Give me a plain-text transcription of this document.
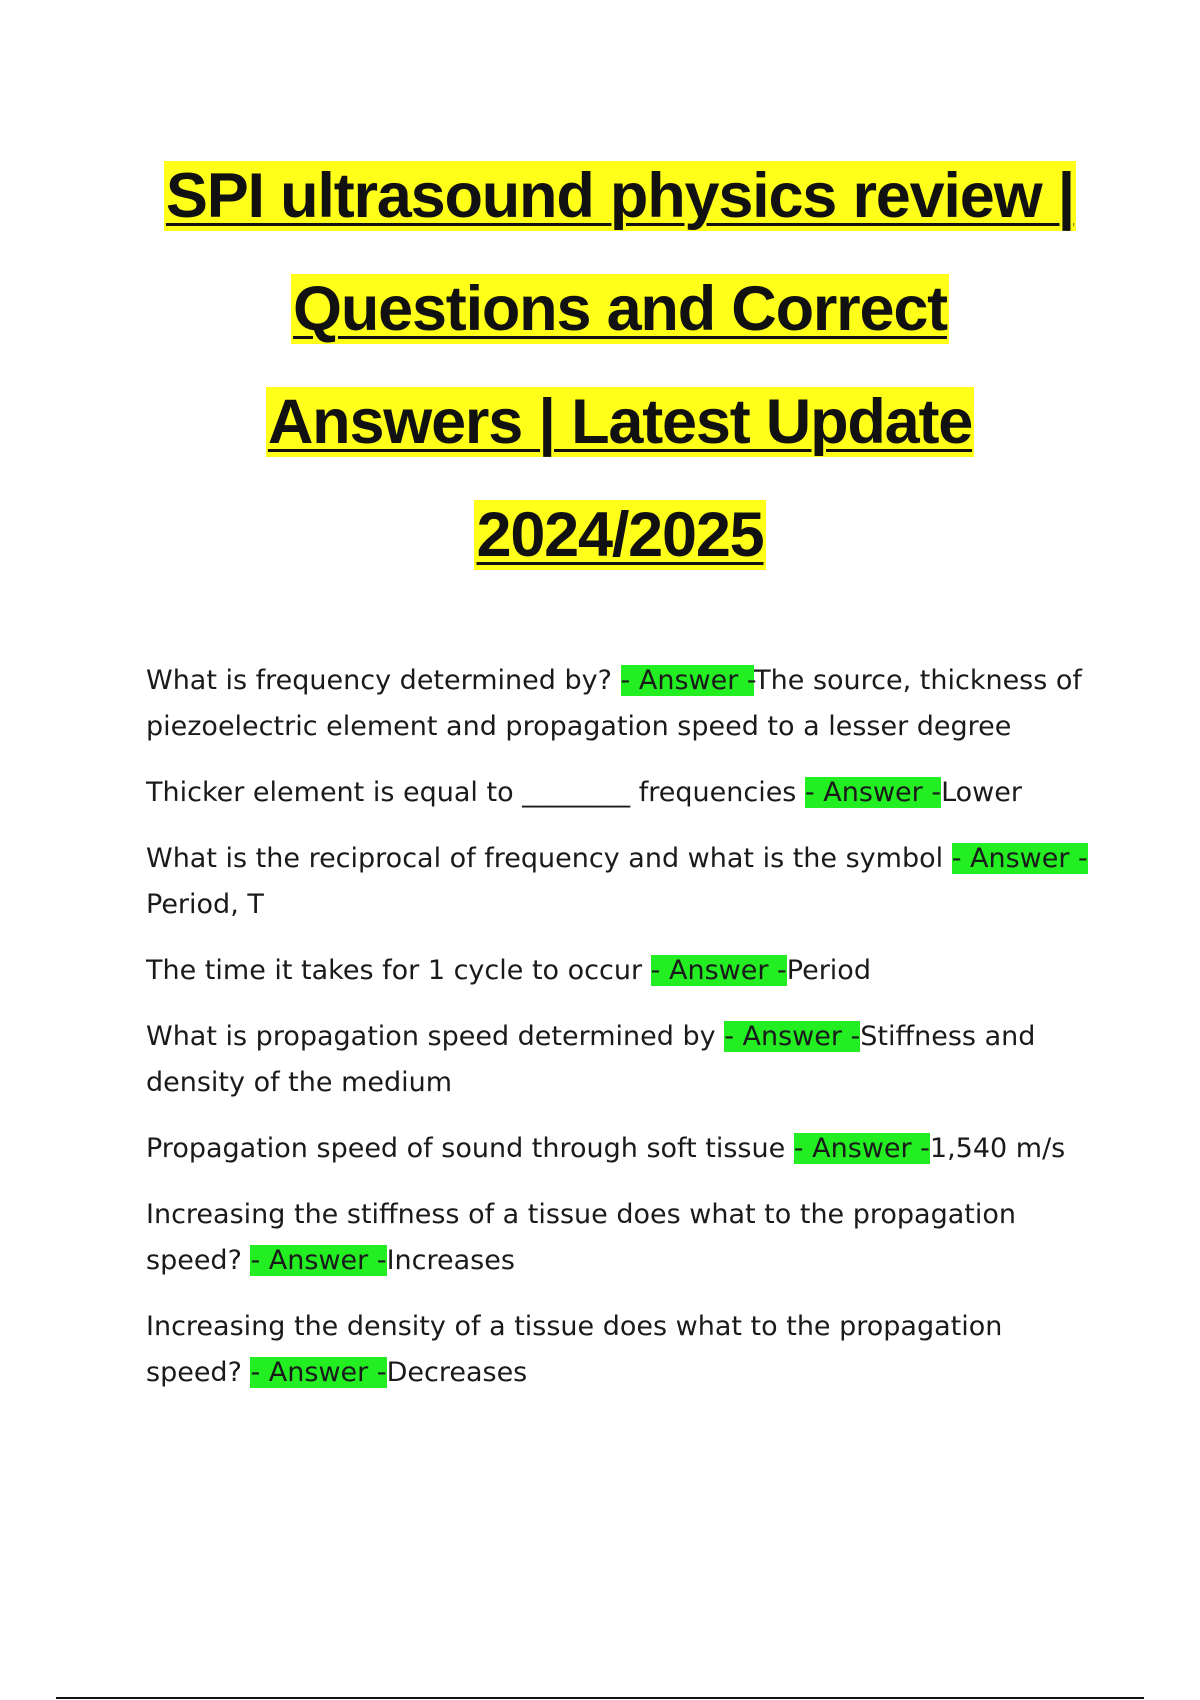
SPI ultrasound physics review |
Questions and Correct
Answers | Latest Update
2024/2025
What is frequency determined by? - Answer -The source, thickness of piezoelectric element and propagation speed to a lesser degree
Thicker element is equal to ________ frequencies - Answer -Lower
What is the reciprocal of frequency and what is the symbol - Answer -Period, T
The time it takes for 1 cycle to occur - Answer -Period
What is propagation speed determined by - Answer -Stiffness and density of the medium
Propagation speed of sound through soft tissue - Answer -1,540 m/s
Increasing the stiffness of a tissue does what to the propagation speed? - Answer -Increases
Increasing the density of a tissue does what to the propagation speed? - Answer -Decreases
